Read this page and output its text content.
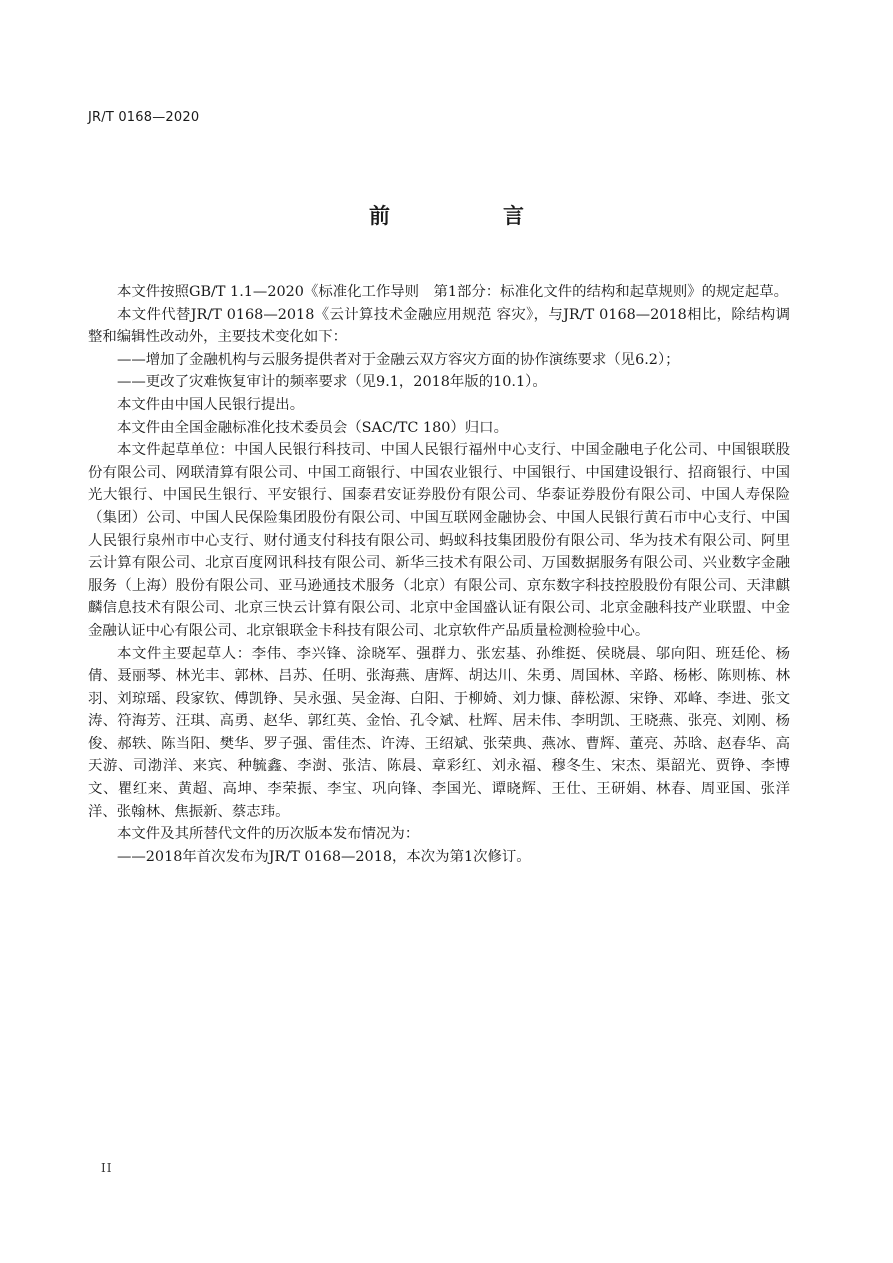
JR/T 0168—2020
前　言

本文件按照GB/T 1.1—2020《标准化工作导则　第1部分：标准化文件的结构和起草规则》的规定起草。

本文件代替JR/T 0168—2018《云计算技术金融应用规范 容灾》，与JR/T 0168—2018相比，除结构调整和编辑性改动外，主要技术变化如下：

——增加了金融机构与云服务提供者对于金融云双方容灾方面的协作演练要求（见6.2）；

——更改了灾难恢复审计的频率要求（见9.1，2018年版的10.1）。

本文件由中国人民银行提出。

本文件由全国金融标准化技术委员会（SAC/TC 180）归口。

本文件起草单位：中国人民银行科技司、中国人民银行福州中心支行、中国金融电子化公司、中国银联股份有限公司、网联清算有限公司、中国工商银行、中国农业银行、中国银行、中国建设银行、招商银行、中国光大银行、中国民生银行、平安银行、国泰君安证券股份有限公司、华泰证券股份有限公司、中国人寿保险（集团）公司、中国人民保险集团股份有限公司、中国互联网金融协会、中国人民银行黄石市中心支行、中国人民银行泉州市中心支行、财付通支付科技有限公司、蚂蚁科技集团股份有限公司、华为技术有限公司、阿里云计算有限公司、北京百度网讯科技有限公司、新华三技术有限公司、万国数据服务有限公司、兴业数字金融服务（上海）股份有限公司、亚马逊通技术服务（北京）有限公司、京东数字科技控股股份有限公司、天津麒麟信息技术有限公司、北京三快云计算有限公司、北京中金国盛认证有限公司、北京金融科技产业联盟、中金金融认证中心有限公司、北京银联金卡科技有限公司、北京软件产品质量检测检验中心。

本文件主要起草人：李伟、李兴锋、涂晓军、强群力、张宏基、孙维挺、侯晓晨、邬向阳、班廷伦、杨倩、聂丽琴、林光丰、郭林、吕苏、任明、张海燕、唐辉、胡达川、朱勇、周国林、辛路、杨彬、陈则栋、林羽、刘琼瑶、段家钦、傅凯铮、吴永强、吴金海、白阳、于柳婍、刘力慷、薛松源、宋铮、邓峰、李进、张文涛、符海芳、汪琪、高勇、赵华、郭红英、金怡、孔令斌、杜辉、居未伟、李明凯、王晓燕、张亮、刘刚、杨俊、郝轶、陈当阳、樊华、罗子强、雷佳杰、许涛、王绍斌、张荣典、燕冰、曹辉、董亮、苏晗、赵春华、高天游、司渤洋、来宾、种毓鑫、李澍、张洁、陈晨、章彩红、刘永福、穆冬生、宋杰、渠韶光、贾铮、李博文、瞿红来、黄超、高坤、李荣振、李宝、巩向锋、李国光、谭晓辉、王仕、王研娟、林春、周亚国、张洋洋、张翰林、焦振新、蔡志玮。

本文件及其所替代文件的历次版本发布情况为：

——2018年首次发布为JR/T 0168—2018，本次为第1次修订。

II
